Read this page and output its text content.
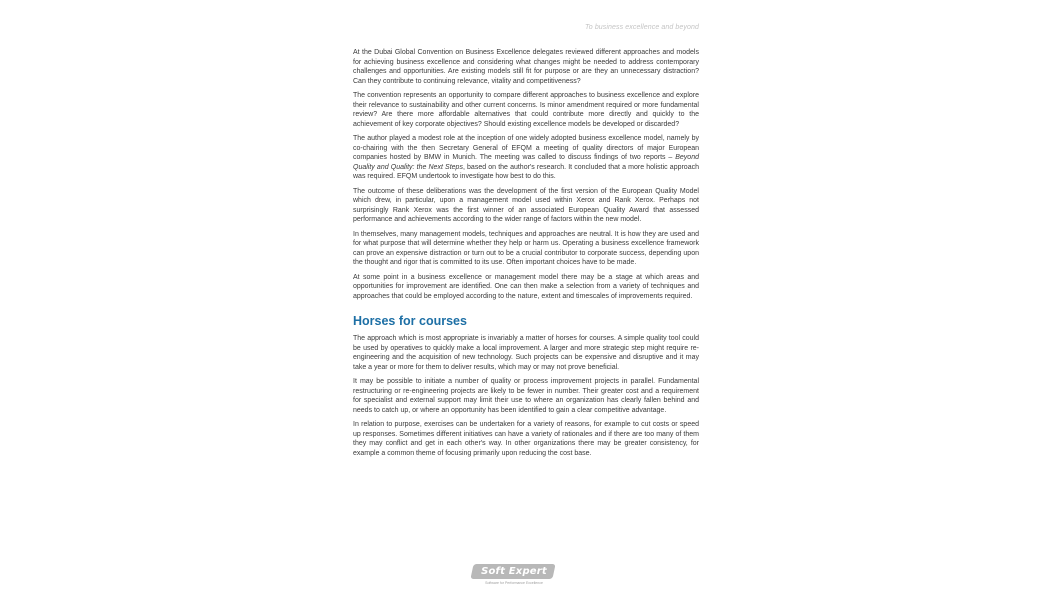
To business excellence and beyond

At the Dubai Global Convention on Business Excellence delegates reviewed different approaches and models for achieving business excellence and considering what changes might be needed to address contemporary challenges and opportunities. Are existing models still fit for purpose or are they an unnecessary distraction? Can they contribute to continuing relevance, vitality and competitiveness?

The convention represents an opportunity to compare different approaches to business excellence and explore their relevance to sustainability and other current concerns. Is minor amendment required or more fundamental review? Are there more affordable alternatives that could contribute more directly and quickly to the achievement of key corporate objectives? Should existing excellence models be developed or discarded?

The author played a modest role at the inception of one widely adopted business excellence model, namely by co-chairing with the then Secretary General of EFQM a meeting of quality directors of major European companies hosted by BMW in Munich. The meeting was called to discuss findings of two reports – Beyond Quality and Quality: the Next Steps, based on the author's research. It concluded that a more holistic approach was required. EFQM undertook to investigate how best to do this.

The outcome of these deliberations was the development of the first version of the European Quality Model which drew, in particular, upon a management model used within Xerox and Rank Xerox. Perhaps not surprisingly Rank Xerox was the first winner of an associated European Quality Award that assessed performance and achievements according to the wider range of factors within the new model.

In themselves, many management models, techniques and approaches are neutral. It is how they are used and for what purpose that will determine whether they help or harm us. Operating a business excellence framework can prove an expensive distraction or turn out to be a crucial contributor to corporate success, depending upon the thought and rigor that is committed to its use. Often important choices have to be made.

At some point in a business excellence or management model there may be a stage at which areas and opportunities for improvement are identified. One can then make a selection from a variety of techniques and approaches that could be employed according to the nature, extent and timescales of improvements required.

Horses for courses

The approach which is most appropriate is invariably a matter of horses for courses. A simple quality tool could be used by operatives to quickly make a local improvement. A larger and more strategic step might require re-engineering and the acquisition of new technology. Such projects can be expensive and disruptive and it may take a year or more for them to deliver results, which may or may not prove beneficial.

It may be possible to initiate a number of quality or process improvement projects in parallel. Fundamental restructuring or re-engineering projects are likely to be fewer in number. Their greater cost and a requirement for specialist and external support may limit their use to where an organization has clearly fallen behind and needs to catch up, or where an opportunity has been identified to gain a clear competitive advantage.

In relation to purpose, exercises can be undertaken for a variety of reasons, for example to cut costs or speed up responses. Sometimes different initiatives can have a variety of rationales and if there are too many of them they may conflict and get in each other's way. In other organizations there may be greater consistency, for example a common theme of focusing primarily upon reducing the cost base.

Soft Expert
Software for Performance Excellence
